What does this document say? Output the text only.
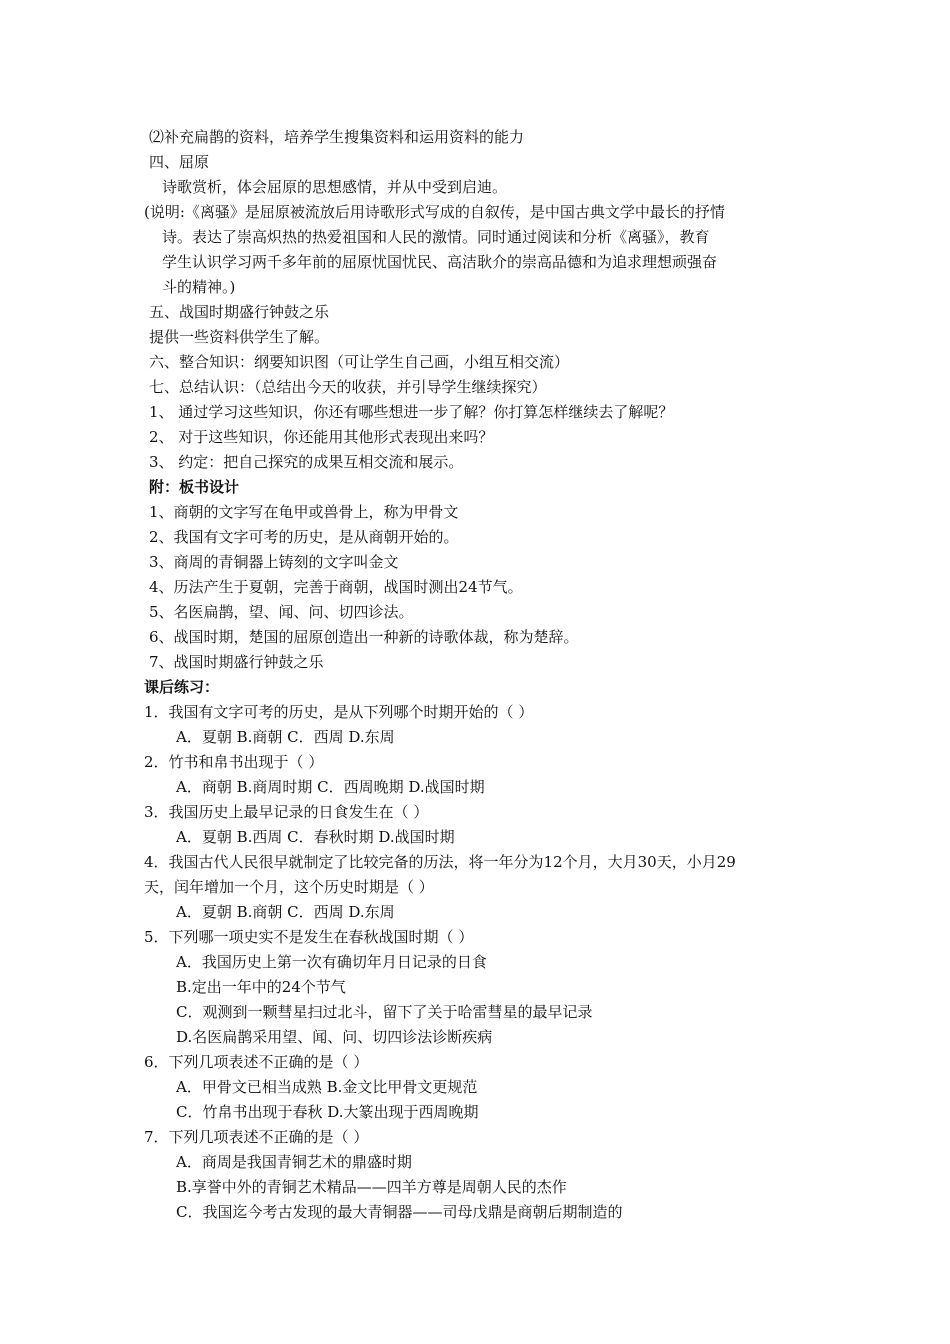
⑵补充扁鹊的资料，培养学生搜集资料和运用资料的能力
四、屈原
诗歌赏析，体会屈原的思想感情，并从中受到启迪。
(说明:《离骚》是屈原被流放后用诗歌形式写成的自叙传，是中国古典文学中最长的抒情
诗。表达了崇高炽热的热爱祖国和人民的激情。同时通过阅读和分析《离骚》，教育
学生认识学习两千多年前的屈原忧国忧民、高洁耿介的崇高品德和为追求理想顽强奋
斗的精神。)
五、战国时期盛行钟鼓之乐
提供一些资料供学生了解。
六、整合知识：纲要知识图（可让学生自己画，小组互相交流）
七、总结认识：（总结出今天的收获，并引导学生继续探究）
1、 通过学习这些知识，你还有哪些想进一步了解？你打算怎样继续去了解呢？
2、 对于这些知识，你还能用其他形式表现出来吗？
3、 约定：把自己探究的成果互相交流和展示。
附：板书设计
1、商朝的文字写在龟甲或兽骨上，称为甲骨文
2、我国有文字可考的历史，是从商朝开始的。
3、商周的青铜器上铸刻的文字叫金文
4、历法产生于夏朝，完善于商朝，战国时测出24节气。
5、名医扁鹊，望、闻、问、切四诊法。
6、战国时期，楚国的屈原创造出一种新的诗歌体裁，称为楚辞。
7、战国时期盛行钟鼓之乐
课后练习：
1．我国有文字可考的历史，是从下列哪个时期开始的（ ）
A．夏朝 B.商朝 C．西周 D.东周
2．竹书和帛书出现于（ ）
A．商朝 B.商周时期 C．西周晚期 D.战国时期
3．我国历史上最早记录的日食发生在（ ）
A．夏朝 B.西周 C．春秋时期 D.战国时期
4．我国古代人民很早就制定了比较完备的历法，将一年分为12个月，大月30天，小月29
天，闰年增加一个月，这个历史时期是（ ）
A．夏朝 B.商朝 C．西周 D.东周
5．下列哪一项史实不是发生在春秋战国时期（ ）
A．我国历史上第一次有确切年月日记录的日食
B.定出一年中的24个节气
C．观测到一颗彗星扫过北斗，留下了关于哈雷彗星的最早记录
D.名医扁鹊采用望、闻、问、切四诊法诊断疾病
6．下列几项表述不正确的是（ ）
A．甲骨文已相当成熟 B.金文比甲骨文更规范
C．竹帛书出现于春秋 D.大篆出现于西周晚期
7．下列几项表述不正确的是（ ）
A．商周是我国青铜艺术的鼎盛时期
B.享誉中外的青铜艺术精品——四羊方尊是周朝人民的杰作
C．我国迄今考古发现的最大青铜器——司母戊鼎是商朝后期制造的
